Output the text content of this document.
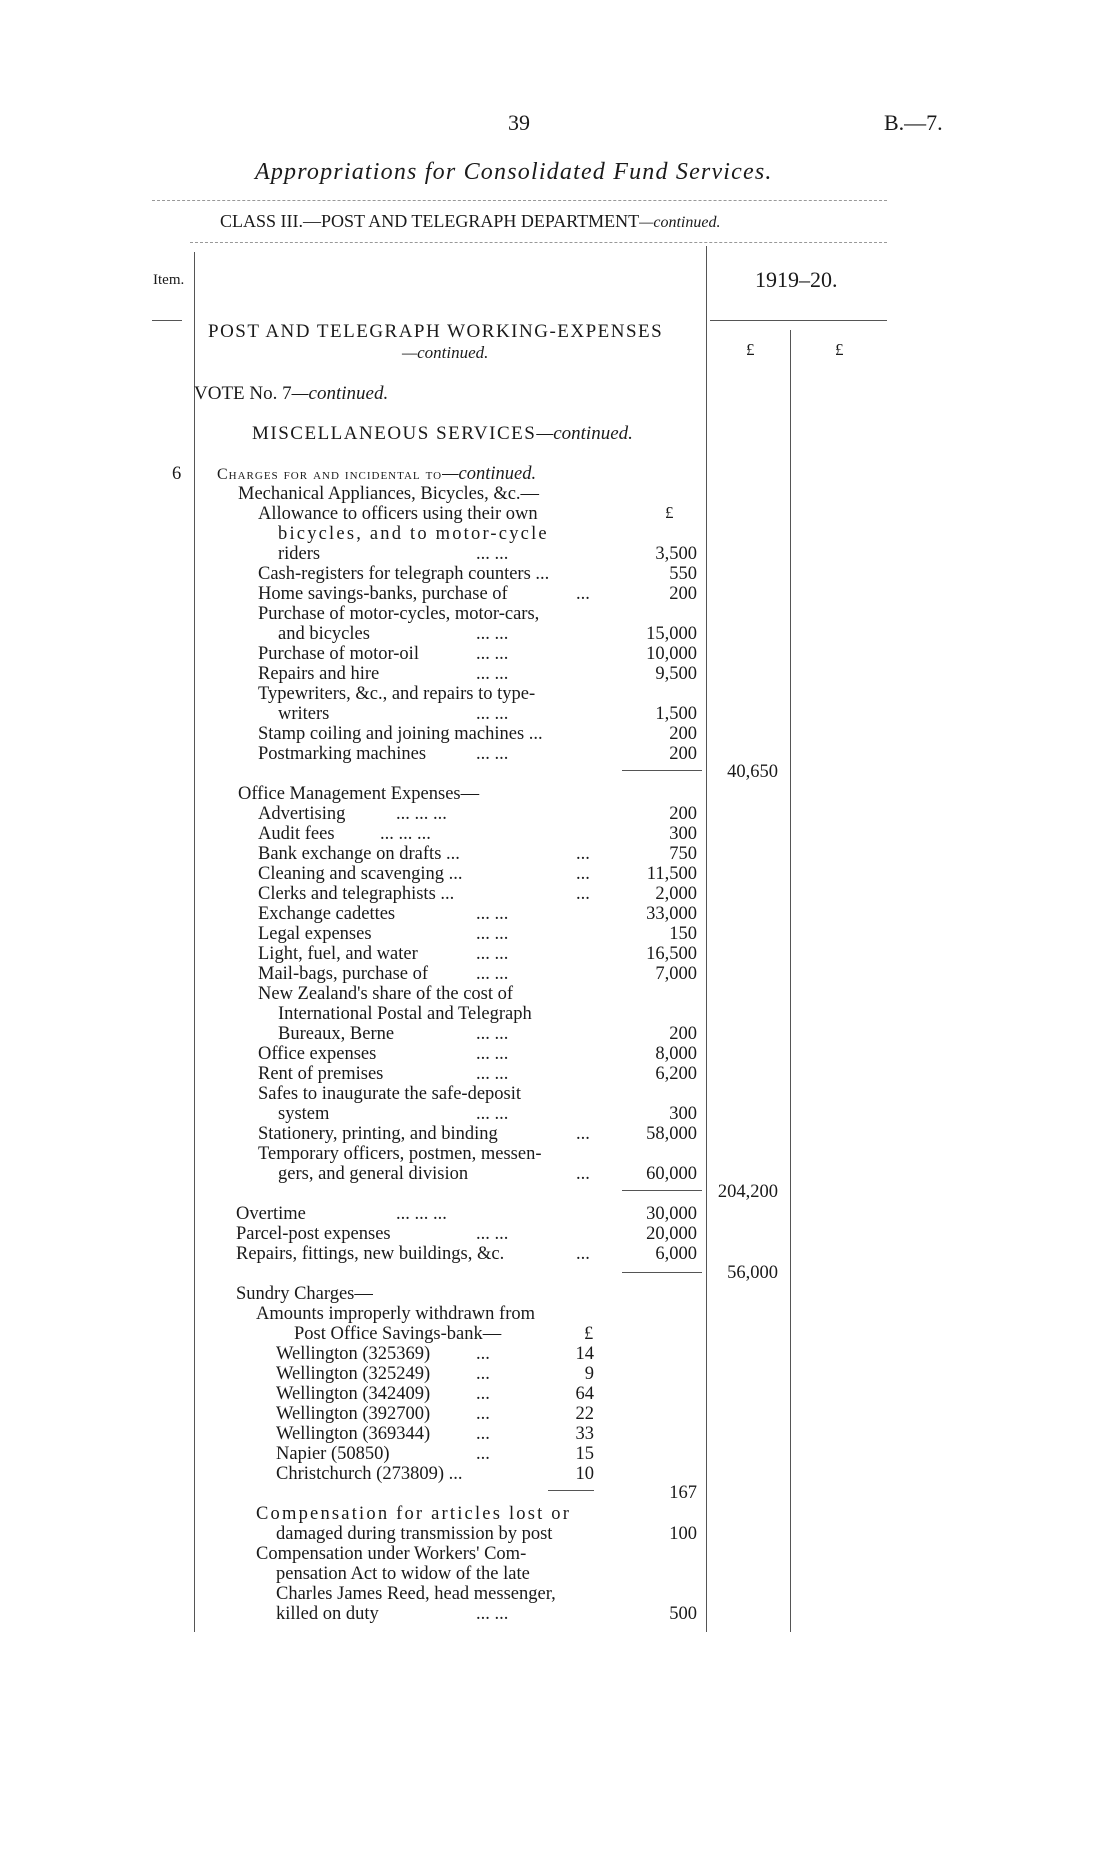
39	B.—7.
Appropriations for Consolidated Fund Services.
CLASS III.—POST AND TELEGRAPH DEPARTMENT—continued.
Item.	1919–20.
£	£
POST AND TELEGRAPH WORKING-EXPENSES
—continued.
VOTE No. 7—continued.
MISCELLANEOUS SERVICES—continued.
6 Charges for and incidental to—continued.
Mechanical Appliances, Bicycles, &c.—
£
Allowance to officers using their own
bicycles, and to motor-cycle
riders	... ...	3,500
Cash-registers for telegraph counters ...	550
Home savings-banks, purchase of	...	200
Purchase of motor-cycles, motor-cars,
and bicycles	... ...	15,000
Purchase of motor-oil	... ...	10,000
Repairs and hire	... ...	9,500
Typewriters, &c., and repairs to type-
writers	... ...	1,500
Stamp coiling and joining machines ...	200
Postmarking machines	... ...	200
40,650
Office Management Expenses—
Advertising	... ... ...	200
Audit fees ... ... ...	300
Bank exchange on drafts ...	...	750
Cleaning and scavenging ...	...	11,500
Clerks and telegraphists ...	...	2,000
Exchange cadettes	... ...	33,000
Legal expenses	... ...	150
Light, fuel, and water	... ...	16,500
Mail-bags, purchase of	... ...	7,000
New Zealand's share of the cost of
International Postal and Telegraph
Bureaux, Berne	... ...	200
Office expenses	... ...	8,000
Rent of premises	... ...	6,200
Safes to inaugurate the safe-deposit
system	... ...	300
Stationery, printing, and binding	...	58,000
Temporary officers, postmen, messen-
gers, and general division	...	60,000
204,200
Overtime	... ... ...	30,000
Parcel-post expenses	... ...	20,000
Repairs, fittings, new buildings, &c.	...	6,000
56,000
Sundry Charges—
Amounts improperly withdrawn from
Post Office Savings-bank—	£
Wellington (325369) ...	14
Wellington (325249) ...	9
Wellington (342409) ...	64
Wellington (392700) ...	22
Wellington (369344) ...	33
Napier (50850)	...	15
Christchurch (273809) ...	10
167
Compensation for articles lost or
damaged during transmission by post	100
Compensation under Workers' Com-
pensation Act to widow of the late
Charles James Reed, head messenger,
killed on duty	... ...	500
